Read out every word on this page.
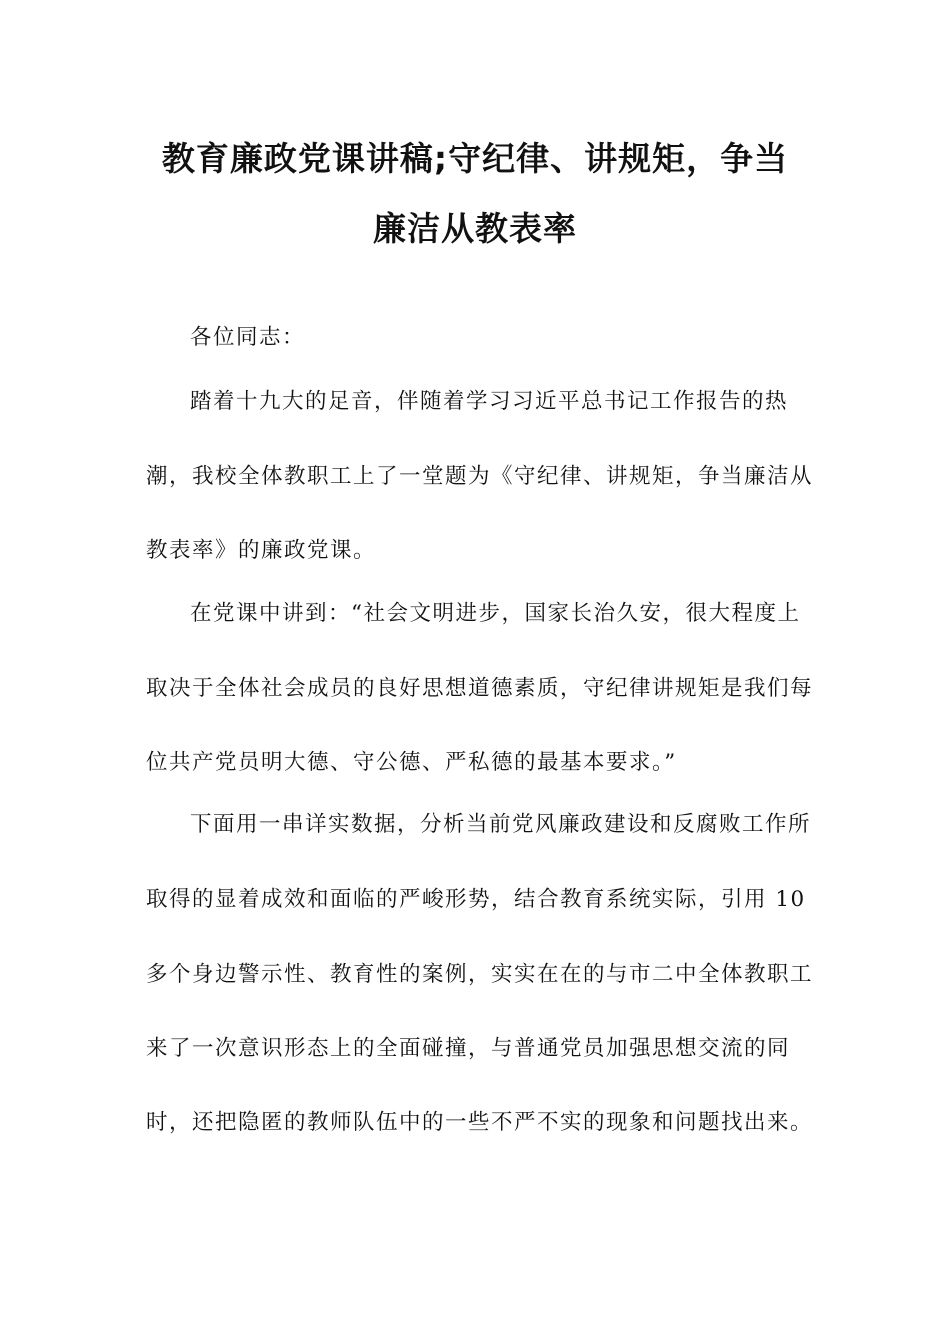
教育廉政党课讲稿;守纪律、讲规矩，争当
廉洁从教表率
各位同志：
踏着十九大的足音，伴随着学习习近平总书记工作报告的热
潮，我校全体教职工上了一堂题为《守纪律、讲规矩，争当廉洁从
教表率》的廉政党课。
在党课中讲到：“社会文明进步，国家长治久安，很大程度上
取决于全体社会成员的良好思想道德素质，守纪律讲规矩是我们每
位共产党员明大德、守公德、严私德的最基本要求。”
下面用一串详实数据，分析当前党风廉政建设和反腐败工作所
取得的显着成效和面临的严峻形势，结合教育系统实际，引用 10
多个身边警示性、教育性的案例，实实在在的与市二中全体教职工
来了一次意识形态上的全面碰撞，与普通党员加强思想交流的同
时，还把隐匿的教师队伍中的一些不严不实的现象和问题找出来。
